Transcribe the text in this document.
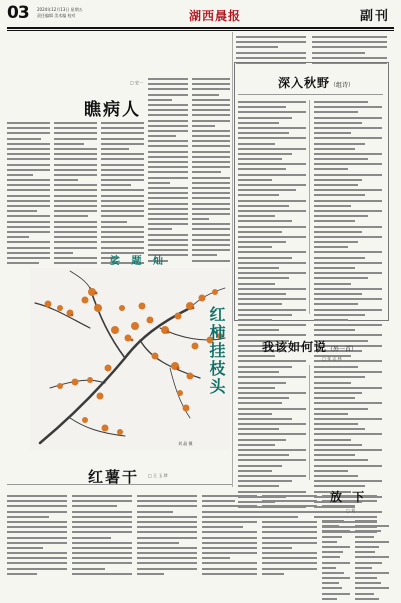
03 2024年12月13日 星期五
责任编辑 美术编 校对	湖西晨报	副刊
瞧病人
□ 史一
娑 题 灿
红柿挂枝头
刘 晶 摄
红薯干 □ 王 玉 珍
深入秋野（组诗）
我该如何说（外一首）
□ 张 志 林
放 下
□ 刘
